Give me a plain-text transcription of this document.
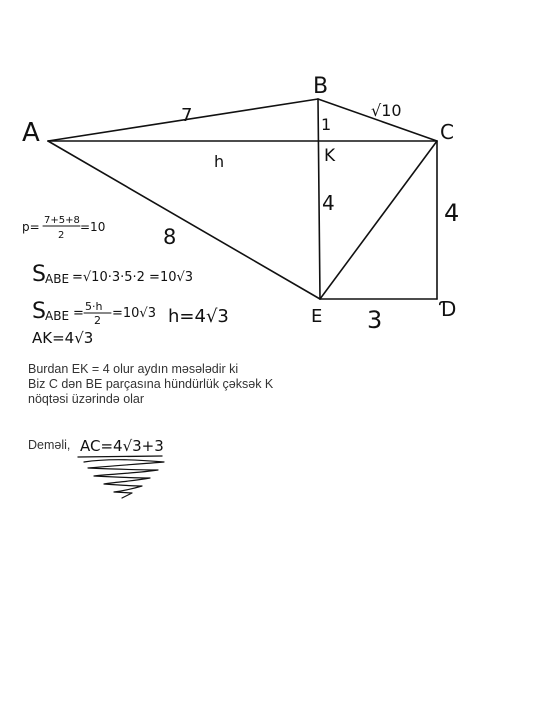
A
B
C
K
E	Ɗ
7	√10
8
1
4	4
3
h
p= 7+5+8
2
=10
S ABE =√10·3·5·2 =10√3
S ABE = 5·h
2 =10√3 h=4√3
AK=4√3
AC=4√3+3
Burdan EK = 4 olur aydın məsələdir ki
Biz C dən BE parçasına hündürlük çəksək K
nöqtəsi üzərində olar
Deməli,
